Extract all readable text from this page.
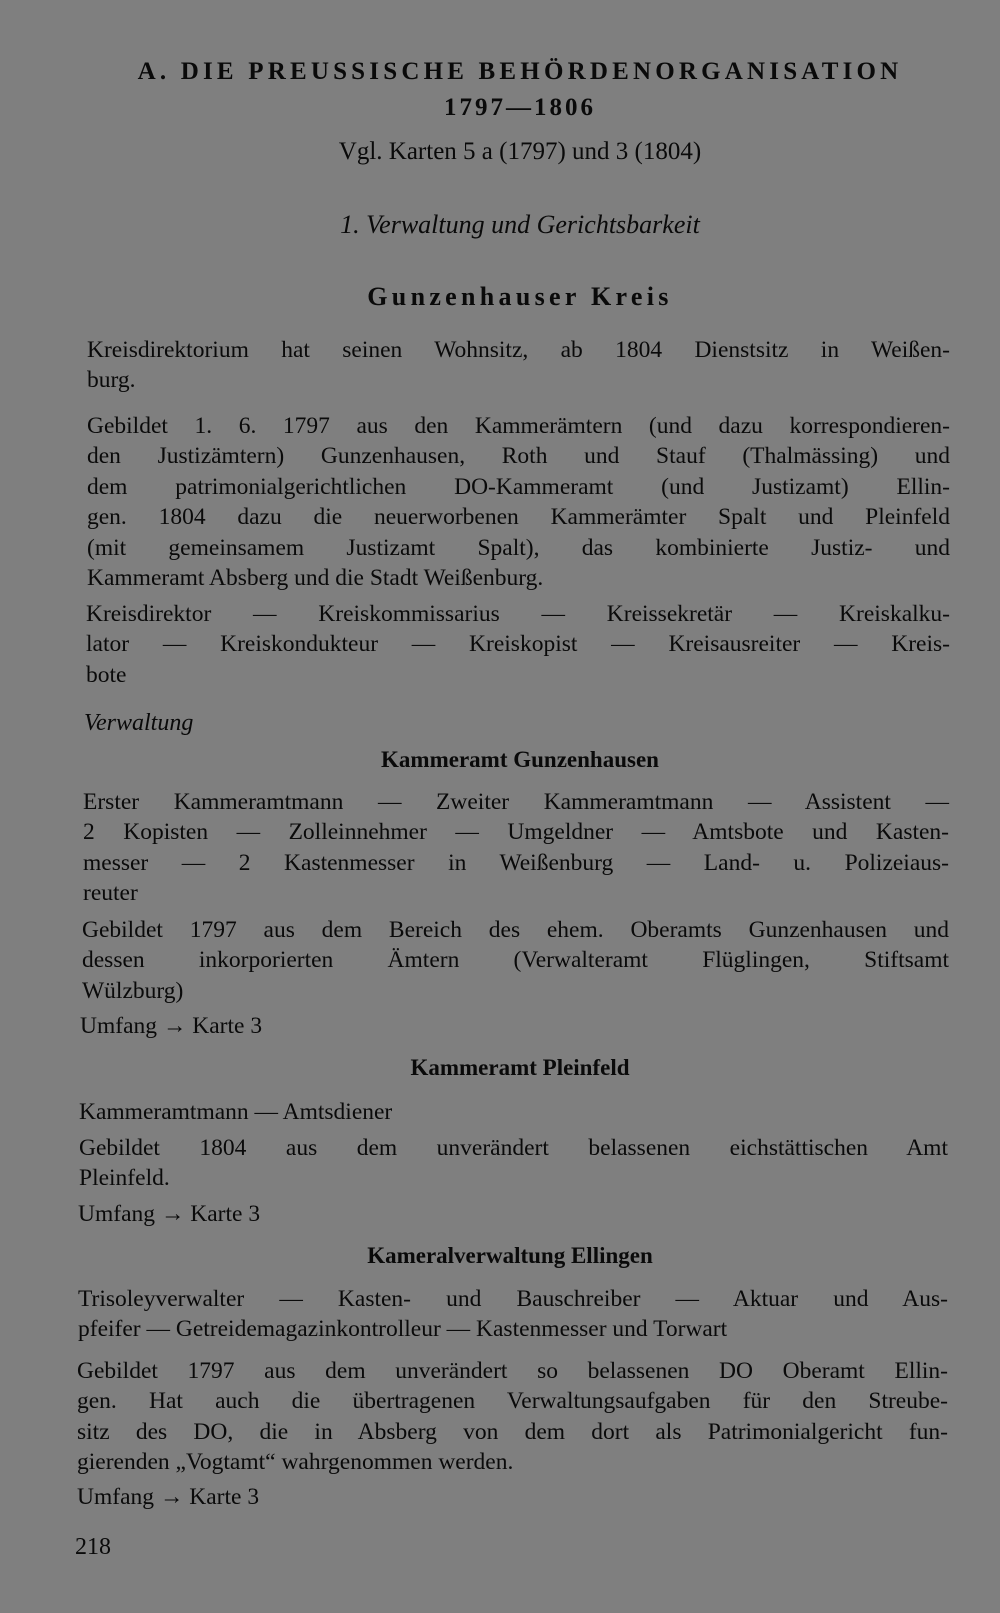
A. DIE PREUSSISCHE BEHÖRDENORGANISATION
1797—1806
Vgl. Karten 5 a (1797) und 3 (1804)
1. Verwaltung und Gerichtsbarkeit
Gunzenhauser Kreis
Kreisdirektorium hat seinen Wohnsitz, ab 1804 Dienstsitz in Weißen-
burg.
Gebildet 1. 6. 1797 aus den Kammerämtern (und dazu korrespondieren-
den Justizämtern) Gunzenhausen, Roth und Stauf (Thalmässing) und
dem patrimonialgerichtlichen DO-Kammeramt (und Justizamt) Ellin-
gen. 1804 dazu die neuerworbenen Kammerämter Spalt und Pleinfeld
(mit gemeinsamem Justizamt Spalt), das kombinierte Justiz- und
Kammeramt Absberg und die Stadt Weißenburg.
Kreisdirektor — Kreiskommissarius — Kreissekretär — Kreiskalku-
lator — Kreiskondukteur — Kreiskopist — Kreisausreiter — Kreis-
bote
Verwaltung
Kammeramt Gunzenhausen
Erster Kammeramtmann — Zweiter Kammeramtmann — Assistent —
2 Kopisten — Zolleinnehmer — Umgeldner — Amtsbote und Kasten-
messer — 2 Kastenmesser in Weißenburg — Land- u. Polizeiaus-
reuter
Gebildet 1797 aus dem Bereich des ehem. Oberamts Gunzenhausen und
dessen inkorporierten Ämtern (Verwalteramt Flüglingen, Stiftsamt
Wülzburg)
Umfang → Karte 3
Kammeramt Pleinfeld
Kammeramtmann — Amtsdiener
Gebildet 1804 aus dem unverändert belassenen eichstättischen Amt
Pleinfeld.
Umfang → Karte 3
Kameralverwaltung Ellingen
Trisoleyverwalter — Kasten- und Bauschreiber — Aktuar und Aus-
pfeifer — Getreidemagazinkontrolleur — Kastenmesser und Torwart
Gebildet 1797 aus dem unverändert so belassenen DO Oberamt Ellin-
gen. Hat auch die übertragenen Verwaltungsaufgaben für den Streube-
sitz des DO, die in Absberg von dem dort als Patrimonialgericht fun-
gierenden „Vogtamt“ wahrgenommen werden.
Umfang → Karte 3
218
